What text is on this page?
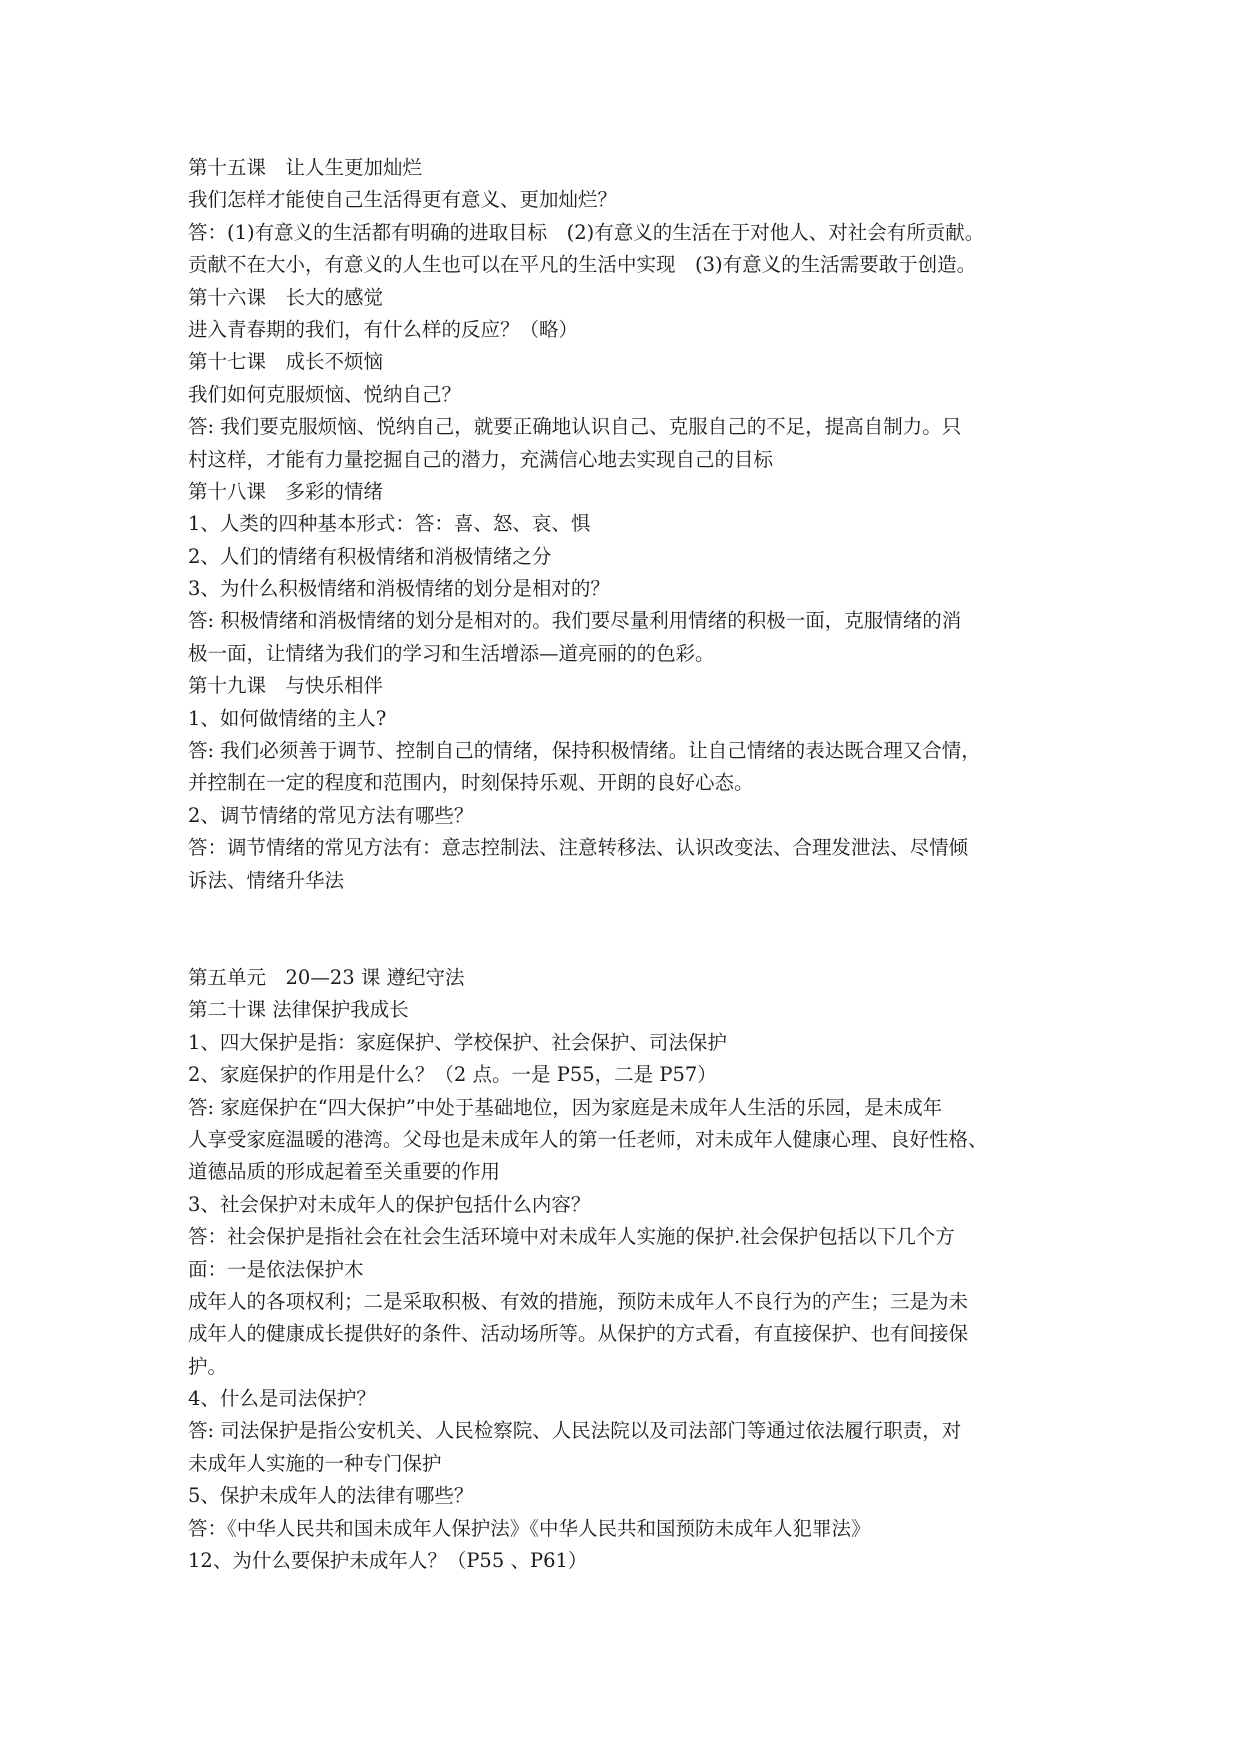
第十五课　让人生更加灿烂

我们怎样才能使自己生活得更有意义、更加灿烂？

答：(1)有意义的生活都有明确的进取目标　(2)有意义的生活在于对他人、对社会有所贡献。

贡献不在大小，有意义的人生也可以在平凡的生活中实现　(3)有意义的生活需要敢于创造。

第十六课　长大的感觉

进入青春期的我们，有什么样的反应？（略）

第十七课　成长不烦恼

我们如何克服烦恼、悦纳自己？

答: 我们要克服烦恼、悦纳自己，就要正确地认识自己、克服自己的不足，提高自制力。只

村这样，才能有力量挖掘自己的潜力，充满信心地去实现自己的目标

第十八课　多彩的情绪

1、人类的四种基本形式：答：喜、怒、哀、惧

2、人们的情绪有积极情绪和消极情绪之分

3、为什么积极情绪和消极情绪的划分是相对的？

答: 积极情绪和消极情绪的划分是相对的。我们要尽量利用情绪的积极一面，克服情绪的消

极一面，让情绪为我们的学习和生活增添—道亮丽的的色彩。

第十九课　与快乐相伴

1、如何做情绪的主人?

答: 我们必须善于调节、控制自己的情绪，保持积极情绪。让自己情绪的表达既合理又合情，

并控制在一定的程度和范围内，时刻保持乐观、开朗的良好心态。

2、调节情绪的常见方法有哪些？

答：调节情绪的常见方法有：意志控制法、注意转移法、认识改变法、合理发泄法、尽情倾

诉法、情绪升华法

第五单元　20—23 课 遵纪守法

第二十课 法律保护我成长

1、四大保护是指：家庭保护、学校保护、社会保护、司法保护

2、家庭保护的作用是什么？（2 点。一是 P55，二是 P57）

答: 家庭保护在“四大保护”中处于基础地位，因为家庭是未成年人生活的乐园，是未成年

人享受家庭温暖的港湾。父母也是未成年人的第一任老师，对未成年人健康心理、良好性格、

道德品质的形成起着至关重要的作用

3、社会保护对未成年人的保护包括什么内容？

答：社会保护是指社会在社会生活环境中对未成年人实施的保护.社会保护包括以下几个方

面：一是依法保护木

成年人的各项权利；二是采取积极、有效的措施，预防未成年人不良行为的产生；三是为未

成年人的健康成长提供好的条件、活动场所等。从保护的方式看，有直接保护、也有间接保

护。

4、什么是司法保护？

答: 司法保护是指公安机关、人民检察院、人民法院以及司法部门等通过依法履行职责，对

未成年人实施的一种专门保护

5、保护未成年人的法律有哪些？

答：《中华人民共和国未成年人保护法》《中华人民共和国预防未成年人犯罪法》

12、为什么要保护未成年人？（P55 、P61）
